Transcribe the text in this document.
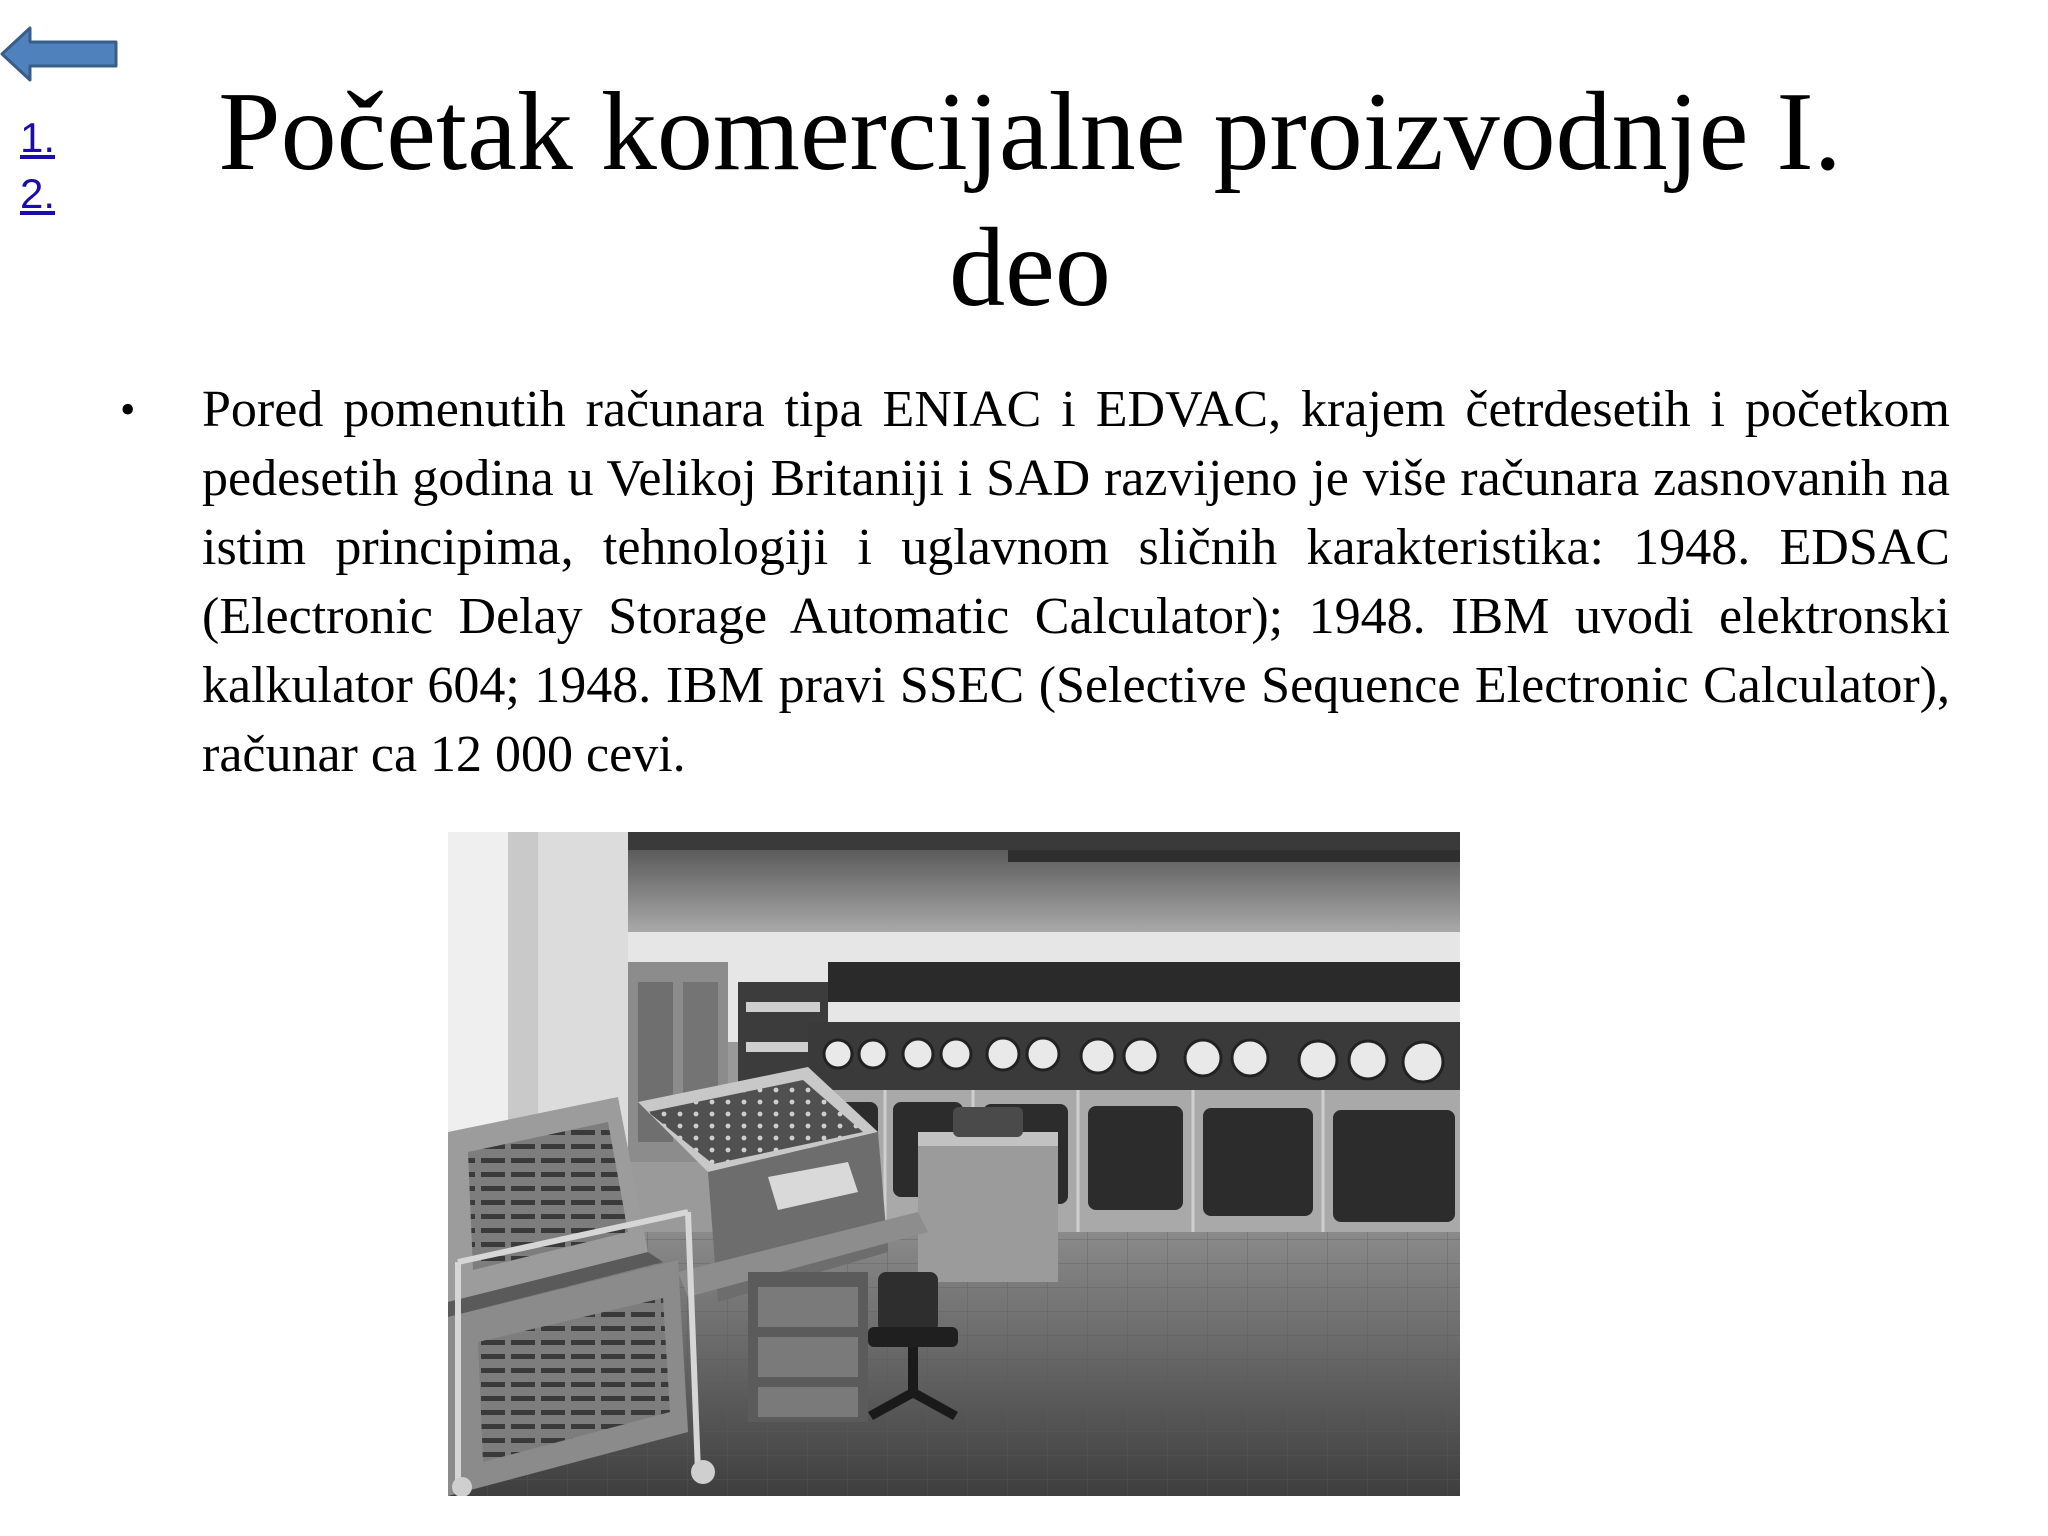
1.
2.	Početak komercijalne proizvodnje I. deo
•	Pored pomenutih računara tipa ENIAC i EDVAC, krajem četrdesetih i početkom pedesetih godina u Velikoj Britaniji i SAD razvijeno je više računara zasnovanih na istim principima, tehnologiji i uglavnom sličnih karakteristika: 1948. EDSAC (Electronic Delay Storage Automatic Calculator); 1948. IBM uvodi elektronski kalkulator 604; 1948. IBM pravi SSEC (Selective Sequence Electronic Calculator), računar ca 12 000 cevi.
